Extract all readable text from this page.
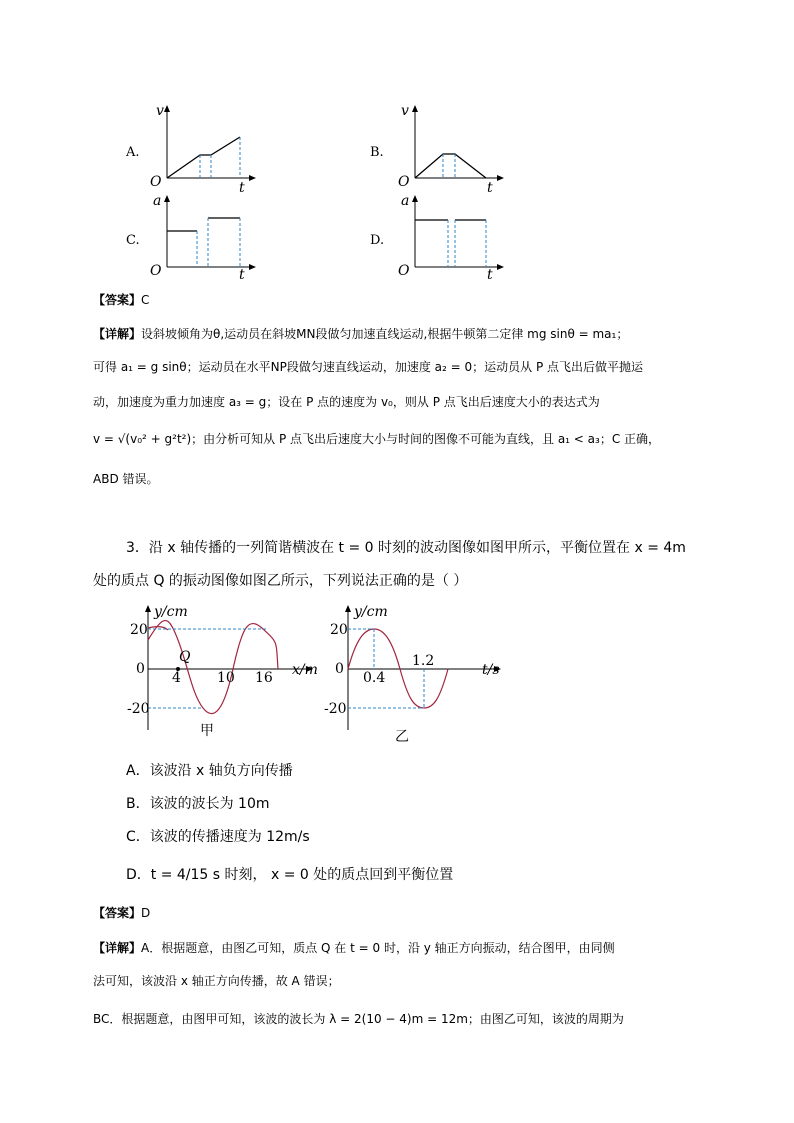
A.
v
t
O
B.
v
t
O
C.
a
t
O
D.
a
t
O
【答案】C
【详解】设斜坡倾角为θ,运动员在斜坡MN段做匀加速直线运动,根据牛顿第二定律 mg sinθ = ma₁；
可得 a₁ = g sinθ；运动员在水平NP段做匀速直线运动，加速度 a₂ = 0；运动员从 P 点飞出后做平抛运
动，加速度为重力加速度 a₃ = g；设在 P 点的速度为 v₀，则从 P 点飞出后速度大小的表达式为
v = √(v₀² + g²t²)；由分析可知从 P 点飞出后速度大小与时间的图像不可能为直线，且 a₁ < a₃；C 正确，
ABD 错误。
3．沿 x 轴传播的一列简谐横波在 t = 0 时刻的波动图像如图甲所示，平衡位置在 x = 4m
处的质点 Q 的振动图像如图乙所示，下列说法正确的是（ ）
y/cm
x/m
20
0
-20
4	10 16
Q
甲
y/cm
t/s
20
0
-20
0.4
1.2
乙
A．该波沿 x 轴负方向传播
B．该波的波长为 10m
C．该波的传播速度为 12m/s
D．t = 4/15 s 时刻， x = 0 处的质点回到平衡位置
【答案】D
【详解】A．根据题意，由图乙可知，质点 Q 在 t = 0 时，沿 y 轴正方向振动，结合图甲，由同侧
法可知，该波沿 x 轴正方向传播，故 A 错误；
BC．根据题意，由图甲可知，该波的波长为 λ = 2(10 − 4)m = 12m；由图乙可知，该波的周期为
